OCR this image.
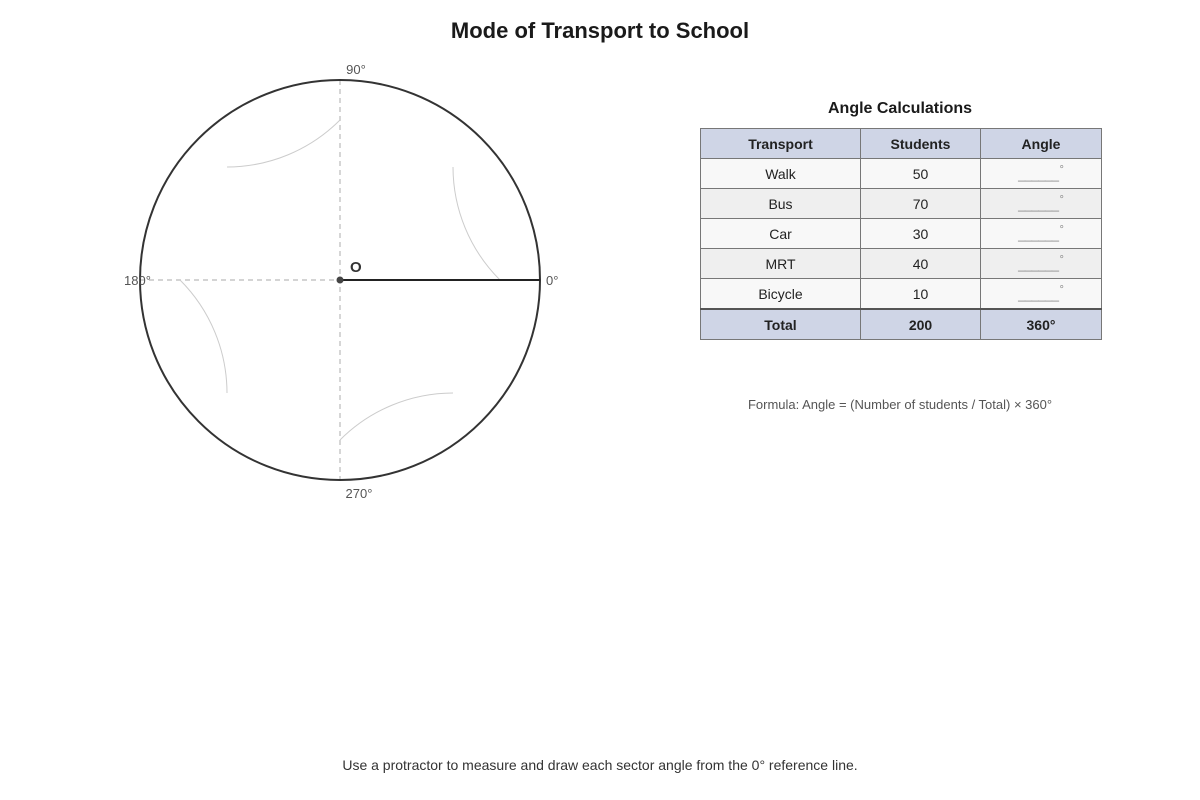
Mode of Transport to School
O
90°
0°
270°
180°
Angle Calculations
Transport	Students	Angle
Walk	50	______°
Bus	70	______°
Car	30	______°
MRT	40	______°
Bicycle	10	______°
Total	200	360°
Formula: Angle = (Number of students / Total) × 360°
Use a protractor to measure and draw each sector angle from the 0° reference line.
